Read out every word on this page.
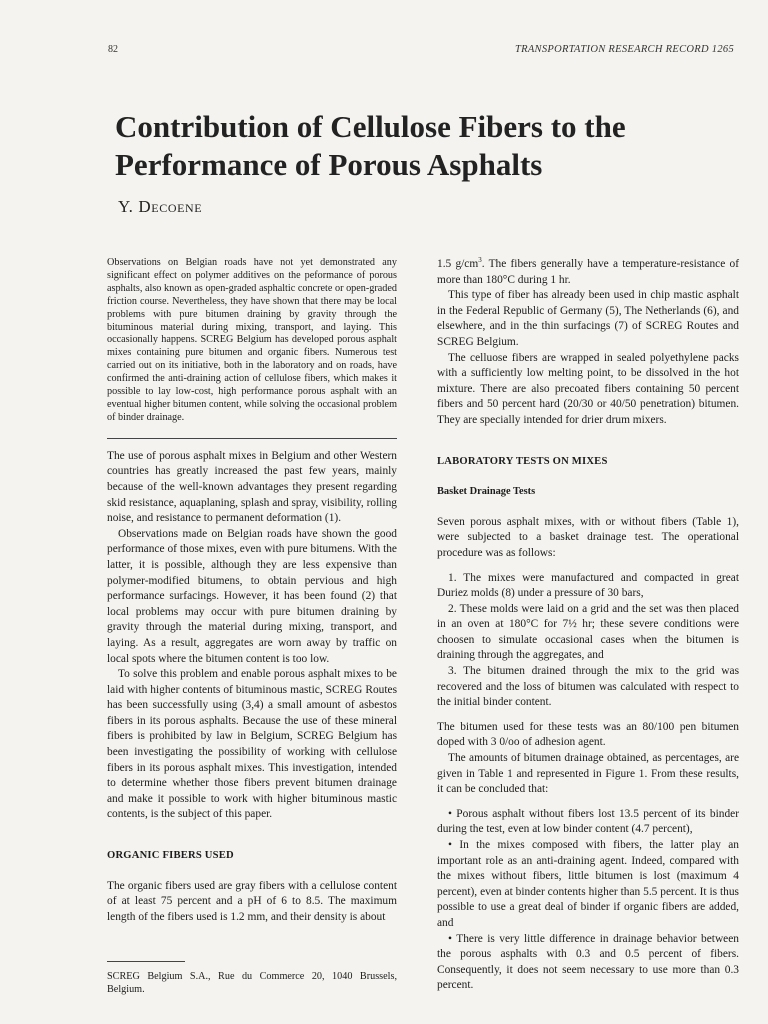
82	TRANSPORTATION RESEARCH RECORD 1265
Contribution of Cellulose Fibers to the Performance of Porous Asphalts
Y. Decoene

Observations on Belgian roads have not yet demonstrated any significant effect on polymer additives on the peformance of porous asphalts, also known as open-graded asphaltic concrete or open-graded friction course. Nevertheless, they have shown that there may be local problems with pure bitumen draining by gravity through the bituminous material during mixing, transport, and laying. This occasionally happens. SCREG Belgium has developed porous asphalt mixes containing pure bitumen and organic fibers. Numerous test carried out on its initiative, both in the laboratory and on roads, have confirmed the anti-draining action of cellulose fibers, which makes it possible to lay low-cost, high performance porous asphalt with an eventual higher bitumen content, while solving the occasional problem of binder drainage.

The use of porous asphalt mixes in Belgium and other Western countries has greatly increased the past few years, mainly because of the well-known advantages they present regarding skid resistance, aquaplaning, splash and spray, visibility, rolling noise, and resistance to permanent deformation (1).

Observations made on Belgian roads have shown the good performance of those mixes, even with pure bitumens. With the latter, it is possible, although they are less expensive than polymer-modified bitumens, to obtain pervious and high performance surfacings. However, it has been found (2) that local problems may occur with pure bitumen draining by gravity through the material during mixing, transport, and laying. As a result, aggregates are worn away by traffic on local spots where the bitumen content is too low.

To solve this problem and enable porous asphalt mixes to be laid with higher contents of bituminous mastic, SCREG Routes has been successfully using (3,4) a small amount of asbestos fibers in its porous asphalts. Because the use of these mineral fibers is prohibited by law in Belgium, SCREG Belgium has been investigating the possibility of working with cellulose fibers in its porous asphalt mixes. This investigation, intended to determine whether those fibers prevent bitumen drainage and make it possible to work with higher bituminous mastic contents, is the subject of this paper.

ORGANIC FIBERS USED

The organic fibers used are gray fibers with a cellulose content of at least 75 percent and a pH of 6 to 8.5. The maximum length of the fibers used is 1.2 mm, and their density is about

SCREG Belgium S.A., Rue du Commerce 20, 1040 Brussels, Belgium.

1.5 $g/cm^3$. The fibers generally have a temperature-resistance of more than 180°C during 1 hr.

This type of fiber has already been used in chip mastic asphalt in the Federal Republic of Germany (5), The Netherlands (6), and elsewhere, and in the thin surfacings (7) of SCREG Routes and SCREG Belgium.

The celluose fibers are wrapped in sealed polyethylene packs with a sufficiently low melting point, to be dissolved in the hot mixture. There are also precoated fibers containing 50 percent fibers and 50 percent hard (20/30 or 40/50 penetration) bitumen. They are specially intended for drier drum mixers.

LABORATORY TESTS ON MIXES

Basket Drainage Tests

Seven porous asphalt mixes, with or without fibers (Table 1), were subjected to a basket drainage test. The operational procedure was as follows:

1. The mixes were manufactured and compacted in great Duriez molds (8) under a pressure of 30 bars,

2. These molds were laid on a grid and the set was then placed in an oven at 180°C for 7½ hr; these severe conditions were choosen to simulate occasional cases when the bitumen is draining through the aggregates, and

3. The bitumen drained through the mix to the grid was recovered and the loss of bitumen was calculated with respect to the initial binder content.

The bitumen used for these tests was an 80/100 pen bitumen doped with 3 0/oo of adhesion agent.

The amounts of bitumen drainage obtained, as percentages, are given in Table 1 and represented in Figure 1. From these results, it can be concluded that:

• Porous asphalt without fibers lost 13.5 percent of its binder during the test, even at low binder content (4.7 percent),

• In the mixes composed with fibers, the latter play an important role as an anti-draining agent. Indeed, compared with the mixes without fibers, little bitumen is lost (maximum 4 percent), even at binder contents higher than 5.5 percent. It is thus possible to use a great deal of binder if organic fibers are added, and

• There is very little difference in drainage behavior between the porous asphalts with 0.3 and 0.5 percent of fibers. Consequently, it does not seem necessary to use more than 0.3 percent.
